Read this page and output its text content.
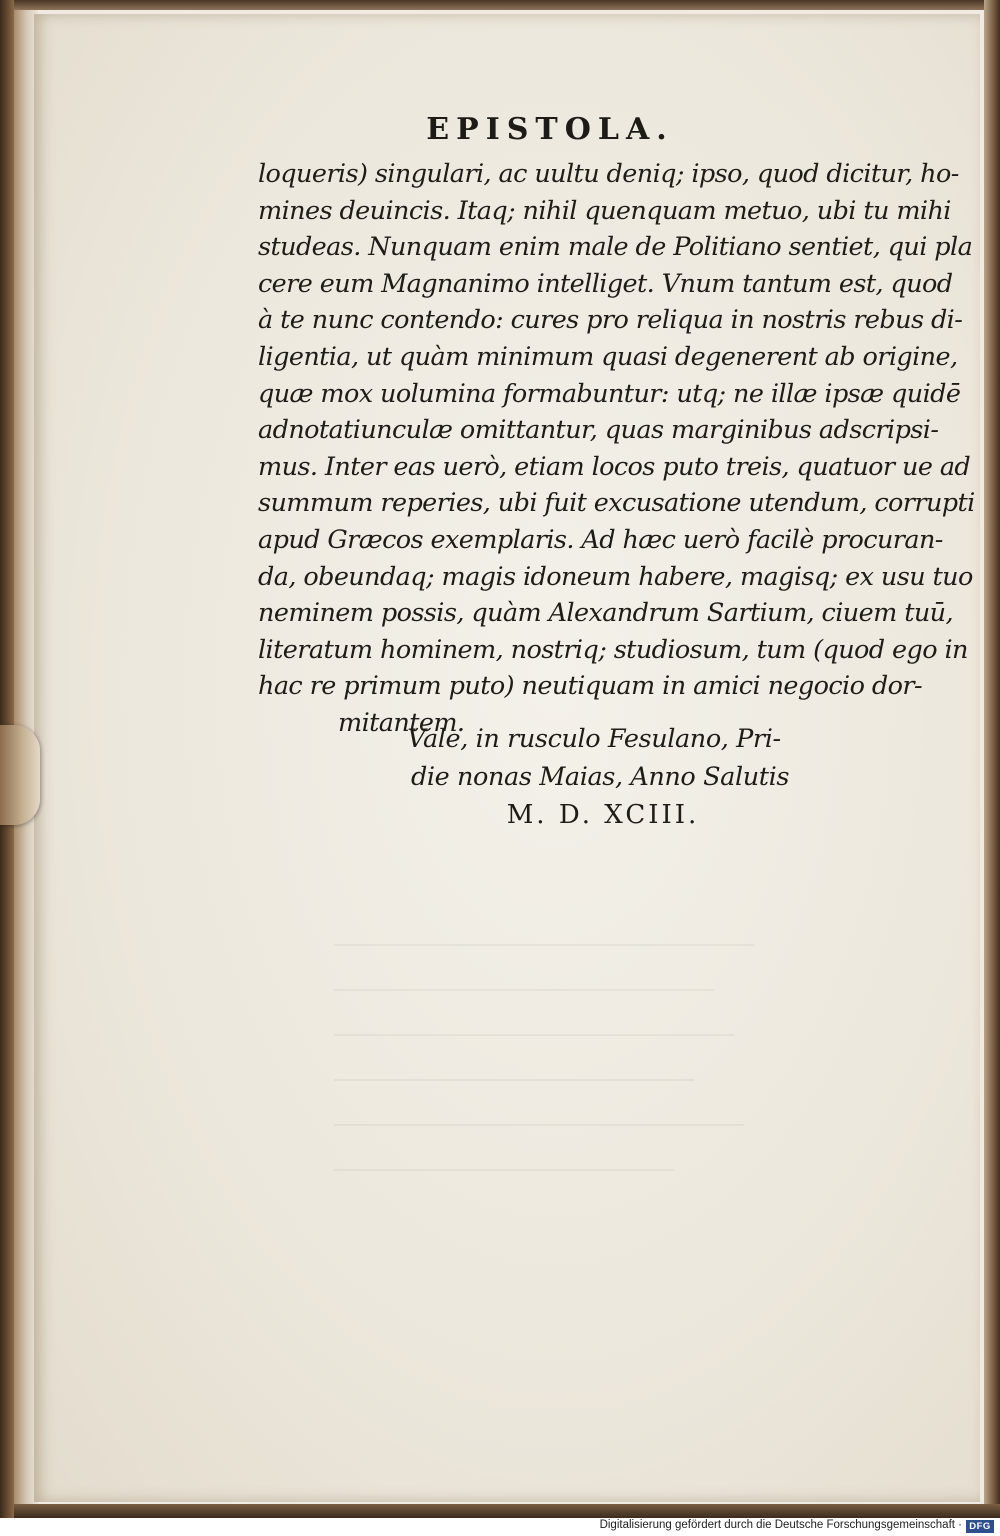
EPISTOLA.
loqueris) singulari, ac uultu deniq; ipso, quod dicitur, ho-
mines deuincis. Itaq; nihil quenquam metuo, ubi tu mihi
studeas. Nunquam enim male de Politiano sentiet, qui pla
cere eum Magnanimo intelliget. Vnum tantum est, quod
à te nunc contendo: cures pro reliqua in nostris rebus di-
ligentia, ut quàm minimum quasi degenerent ab origine,
quæ mox uolumina formabuntur: utq; ne illæ ipsæ quidē
adnotatiunculæ omittantur, quas marginibus adscripsi-
mus. Inter eas uerò, etiam locos puto treis, quatuor ue ad
summum reperies, ubi fuit excusatione utendum, corrupti
apud Græcos exemplaris. Ad hæc uerò facilè procuran-
da, obeundaq; magis idoneum habere, magisq; ex usu tuo
neminem possis, quàm Alexandrum Sartium, ciuem tuū,
literatum hominem, nostriq; studiosum, tum (quod ego in
hac re primum puto) neutiquam in amici negocio dor-
mitantem.
Vale, in rusculo Fesulano, Pri-
die nonas Maias, Anno Salutis
M. D. XCIII.
Digitalisierung gefördert durch die Deutsche Forschungsgemeinschaft · DFG
